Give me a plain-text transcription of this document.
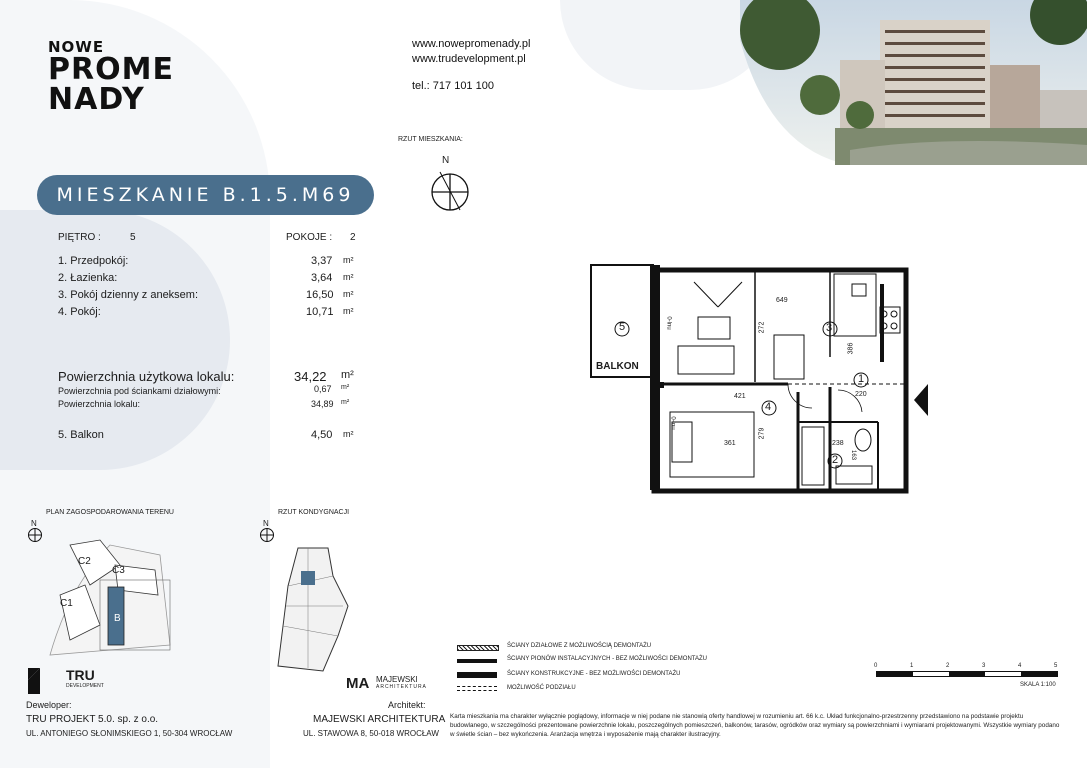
NOWE
PROME
NADY
www.nowepromenady.pl
www.trudevelopment.pl
tel.: 717 101 100
RZUT MIESZKANIA:
N
MIESZKANIE B.1.5.M69
PIĘTRO :	5	POKOJE : 2
1. Przedpokój:	3,37 m²
2. Łazienka:	3,64 m²
3. Pokój dzienny z aneksem:	16,50 m²
4. Pokój:	10,71 m²
Powierzchnia użytkowa lokalu:	34,22 m²
Powierzchnia pod ściankami działowymi:	0,67 m²
Powierzchnia lokalu:	34,89 m²
5. Balkon	4,50 m²
BALKON
5
1
2
3
4
649
272
386
220
421
279
361	238
163
0-lnu
0-lnu
PLAN ZAGOSPODAROWANIA TERENU
N
C2
C3
C1
B
RZUT KONDYGNACJI
N
ŚCIANY DZIAŁOWE Z MOŻLIWOŚCIĄ DEMONTAŻU
ŚCIANY PIONÓW INSTALACYJNYCH - BEZ MOŻLIWOŚCI DEMONTAŻU
ŚCIANY KONSTRUKCYJNE - BEZ MOŻLIWOŚCI DEMONTAŻU
MOŻLIWOŚĆ PODZIAŁU
0	1	2	3	4	5
SKALA 1:100
TRU
DEVELOPMENT
Deweloper:
TRU PROJEKT 5.0. sp. z o.o.
UL. ANTONIEGO SŁONIMSKIEGO 1, 50-304 WROCŁAW
MA MAJEWSKI
ARCHITEKTURA
Architekt:
MAJEWSKI ARCHITEKTURA
UL. STAWOWA 8, 50-018 WROCŁAW
Karta mieszkania ma charakter wyłącznie poglądowy, informacje w niej podane nie stanowią oferty handlowej w rozumieniu art. 66 k.c. Układ funkcjonalno-przestrzenny przedstawiono na podstawie projektu budowlanego, w szczególności prezentowane powierzchnie lokalu, poszczególnych pomieszczeń, balkonów, tarasów, ogródków oraz wymiary są powierzchniami i wymiarami projektowanymi. Wszystkie wymiary podano w świetle ścian – bez wykończenia. Aranżacja wnętrza i wyposażenie mają charakter ilustracyjny.
